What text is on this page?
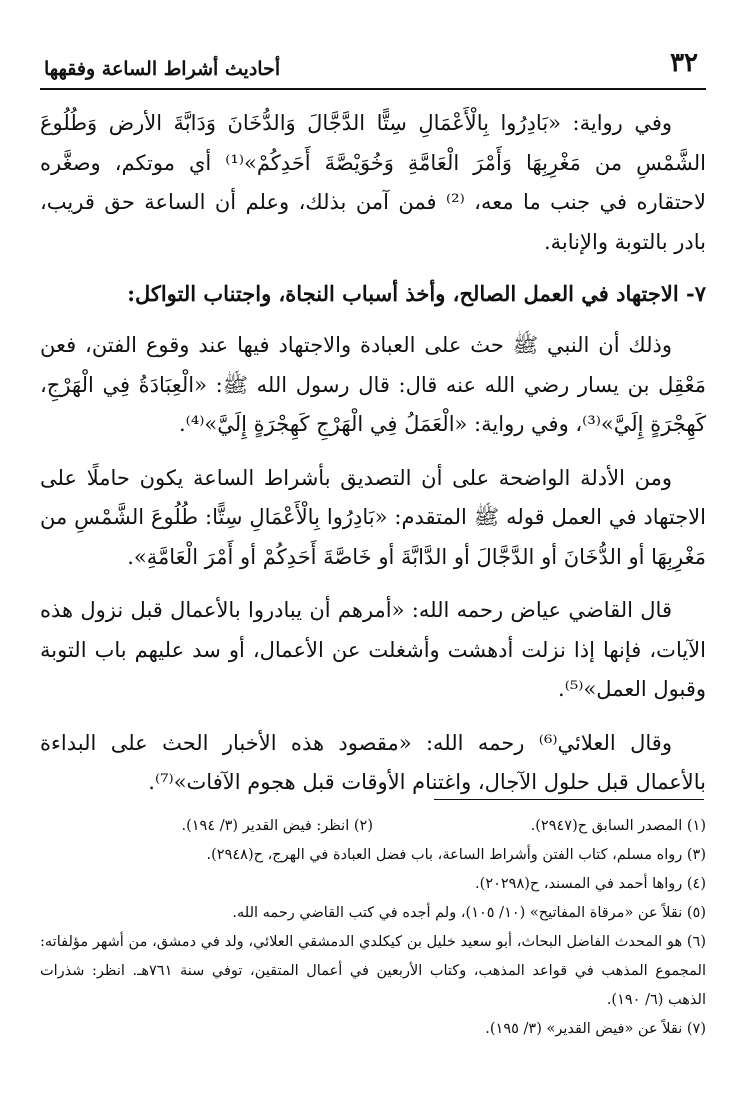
٣٢
أحاديث أشراط الساعة وفقهها

وفي رواية: «بَادِرُوا بِالْأَعْمَالِ سِتًّا الدَّجَّالَ وَالدُّخَانَ وَدَابَّةَ الأرض وَطُلُوعَ الشَّمْسِ من مَغْرِبِهَا وَأَمْرَ الْعَامَّةِ وَخُوَيْصَّةَ أَحَدِكُمْ»⁽¹⁾ أي موتكم، وصغَّره لاحتقاره في جنب ما معه، ⁽²⁾ فمن آمن بذلك، وعلم أن الساعة حق قريب، بادر بالتوبة والإنابة.

٧- الاجتهاد في العمل الصالح، وأخذ أسباب النجاة، واجتناب التواكل:

وذلك أن النبي ﷺ حث على العبادة والاجتهاد فيها عند وقوع الفتن، فعن مَعْقِل بن يسار رضي الله عنه قال: قال رسول الله ﷺ: «الْعِبَادَةُ فِي الْهَرْجِ، كَهِجْرَةٍ إِلَيَّ»⁽³⁾، وفي رواية: «الْعَمَلُ فِي الْهَرْجِ كَهِجْرَةٍ إِلَيَّ»⁽⁴⁾.

ومن الأدلة الواضحة على أن التصديق بأشراط الساعة يكون حاملًا على الاجتهاد في العمل قوله ﷺ المتقدم: «بَادِرُوا بِالْأَعْمَالِ سِتًّا: طُلُوعَ الشَّمْسِ من مَغْرِبِهَا أو الدُّخَانَ أو الدَّجَّالَ أو الدَّابَّةَ أو خَاصَّةَ أَحَدِكُمْ أو أَمْرَ الْعَامَّةِ».

قال القاضي عياض رحمه الله: «أمرهم أن يبادروا بالأعمال قبل نزول هذه الآيات، فإنها إذا نزلت أدهشت وأشغلت عن الأعمال، أو سد عليهم باب التوبة وقبول العمل»⁽⁵⁾.

وقال العلائي⁽⁶⁾ رحمه الله: «مقصود هذه الأخبار الحث على البداءة بالأعمال قبل حلول الآجال، واغتنام الأوقات قبل هجوم الآفات»⁽⁷⁾.

(١) المصدر السابق ح(٢٩٤٧).

(٢) انظر: فيض القدير (٣/ ١٩٤).

(٣) رواه مسلم، كتاب الفتن وأشراط الساعة، باب فضل العبادة في الهرج، ح(٢٩٤٨).

(٤) رواها أحمد في المسند، ح(٢٠٢٩٨).

(٥) نقلاً عن «مرقاة المفاتيح» (١٠/ ١٠٥)، ولم أجده في كتب القاضي رحمه الله.

(٦) هو المحدث الفاضل البحاث، أبو سعيد خليل بن كيكلدي الدمشقي العلائي، ولد في دمشق، من أشهر مؤلفاته: المجموع المذهب في قواعد المذهب، وكتاب الأربعين في أعمال المتقين، توفي سنة ٧٦١هـ. انظر: شذرات الذهب (٦/ ١٩٠).

(٧) نقلاً عن «فيض القدير» (٣/ ١٩٥).
